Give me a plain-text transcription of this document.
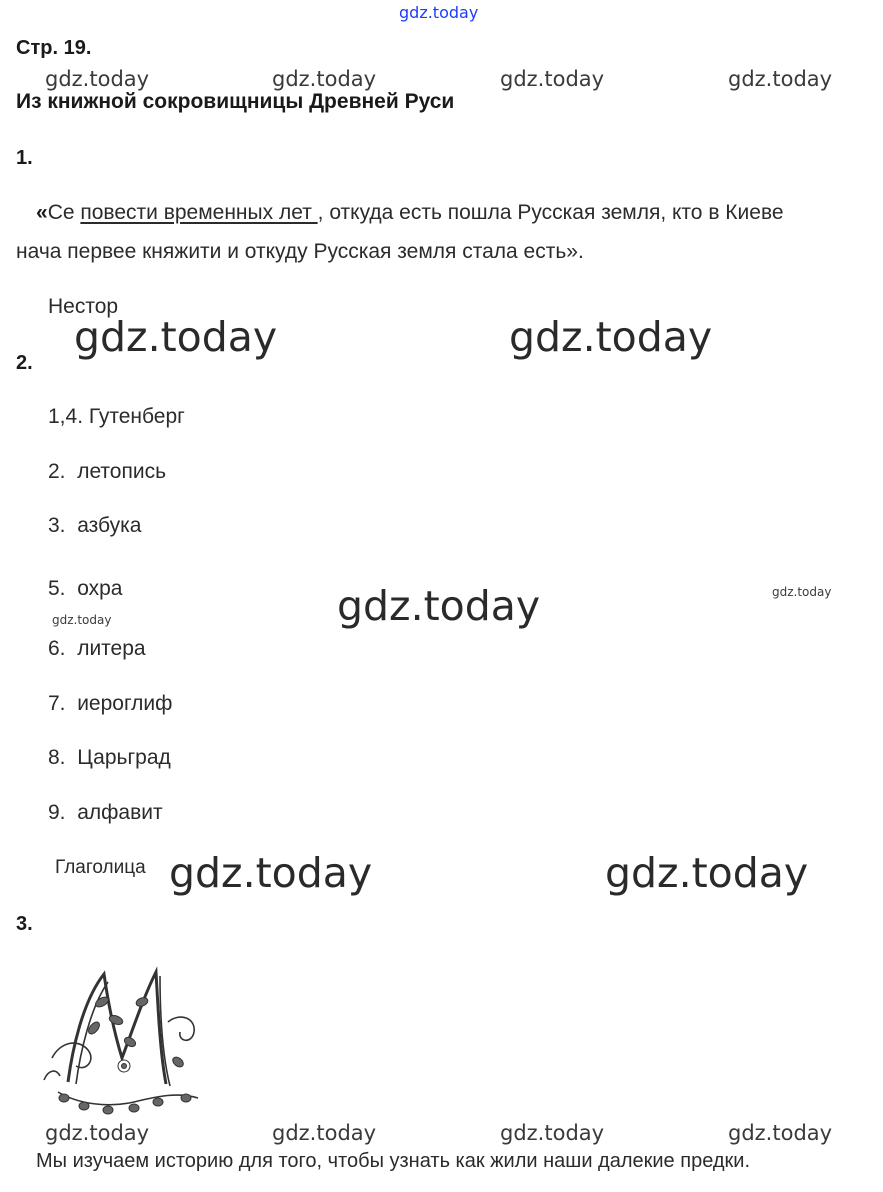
gdz.today
Стр. 19.
gdz.today	gdz.today	gdz.today	gdz.today
Из книжной сокровищницы Древней Руси
1.
«Се повести временных лет , откуда есть пошла Русская земля, кто в Киеве
нача первее княжити и откуду Русская земля стала есть».
Нестор
gdz.today	gdz.today
2.
1,4. Гутенберг
2. летопись
3. азбука
5. охра	gdz.today	gdz.today
gdz.today
6. литера
7. иероглиф
8. Царьград
9. алфавит
Глаголица gdz.today	gdz.today
3.
gdz.today	gdz.today	gdz.today	gdz.today
Мы изучаем историю для того, чтобы узнать как жили наши далекие предки.
